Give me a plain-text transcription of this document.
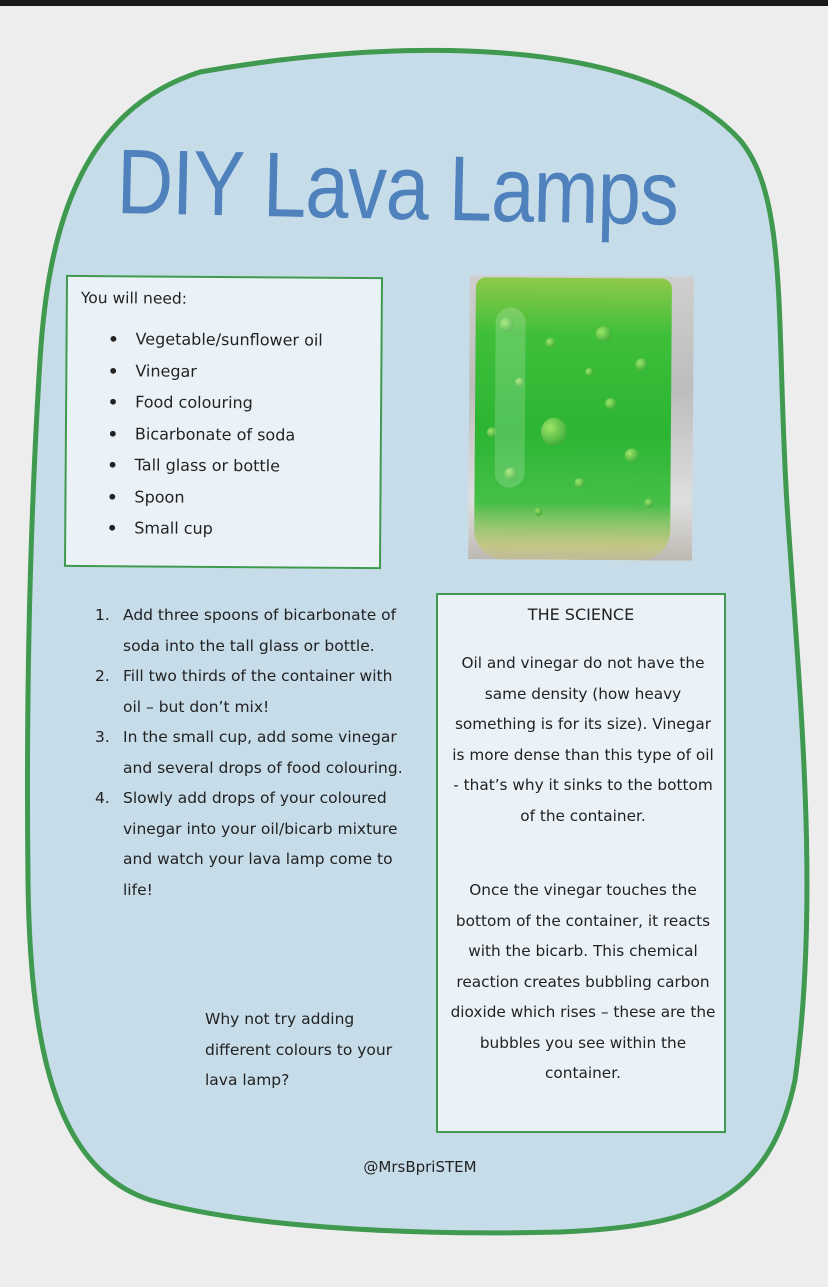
DIY Lava Lamps
You will need:
• Vegetable/sunflower oil
• Vinegar
• Food colouring
• Bicarbonate of soda
• Tall glass or bottle
• Spoon
• Small cup
1. Add three spoons of bicarbonate of soda into the tall glass or bottle.
2. Fill two thirds of the container with oil – but don’t mix!
3. In the small cup, add some vinegar and several drops of food colouring.
4. Slowly add drops of your coloured vinegar into your oil/bicarb mixture and watch your lava lamp come to life!

Why not try adding different colours to your lava lamp?

THE SCIENCE

Oil and vinegar do not have the same density (how heavy something is for its size). Vinegar is more dense than this type of oil - that’s why it sinks to the bottom of the container.

Once the vinegar touches the bottom of the container, it reacts with the bicarb. This chemical reaction creates bubbling carbon dioxide which rises – these are the bubbles you see within the container.

@MrsBpriSTEM
